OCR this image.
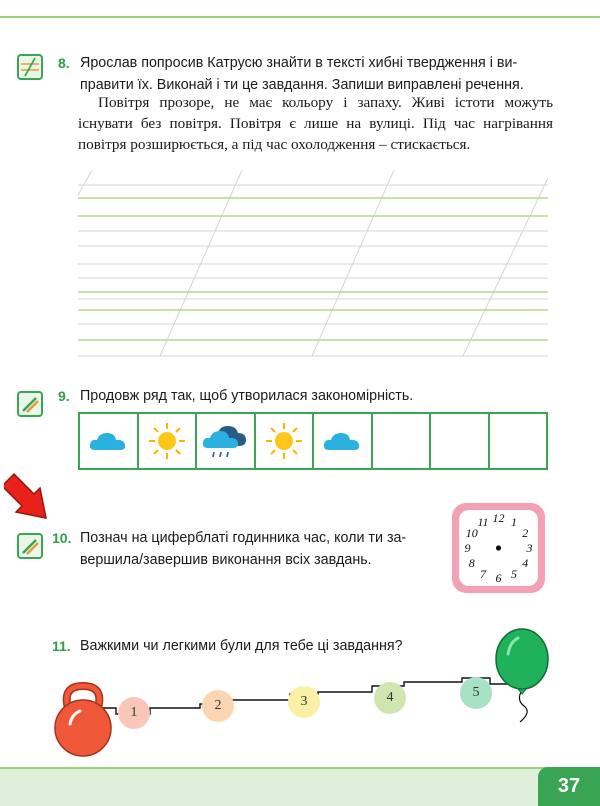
8. Ярослав попросив Катрусю знайти в тексті хибні твердження і ви-
правити їх. Виконай і ти це завдання. Запиши виправлені речення.
Повітря прозоре, не має кольору і запаху. Живі істоти можуть існувати без повітря. Повітря є лише на вулиці. Під час нагрівання повітря розширюється, а під час охолодження – стискається.
9. Продовж ряд так, щоб утворилася закономірність.
10. Познач на циферблаті годинника час, коли ти за-
вершила/завершив виконання всіх завдань.
12 1
2
3
4
5
6
7
8
9
10
11
11. Важкими чи легкими були для тебе ці завдання?
1	2	3	4	5
37
